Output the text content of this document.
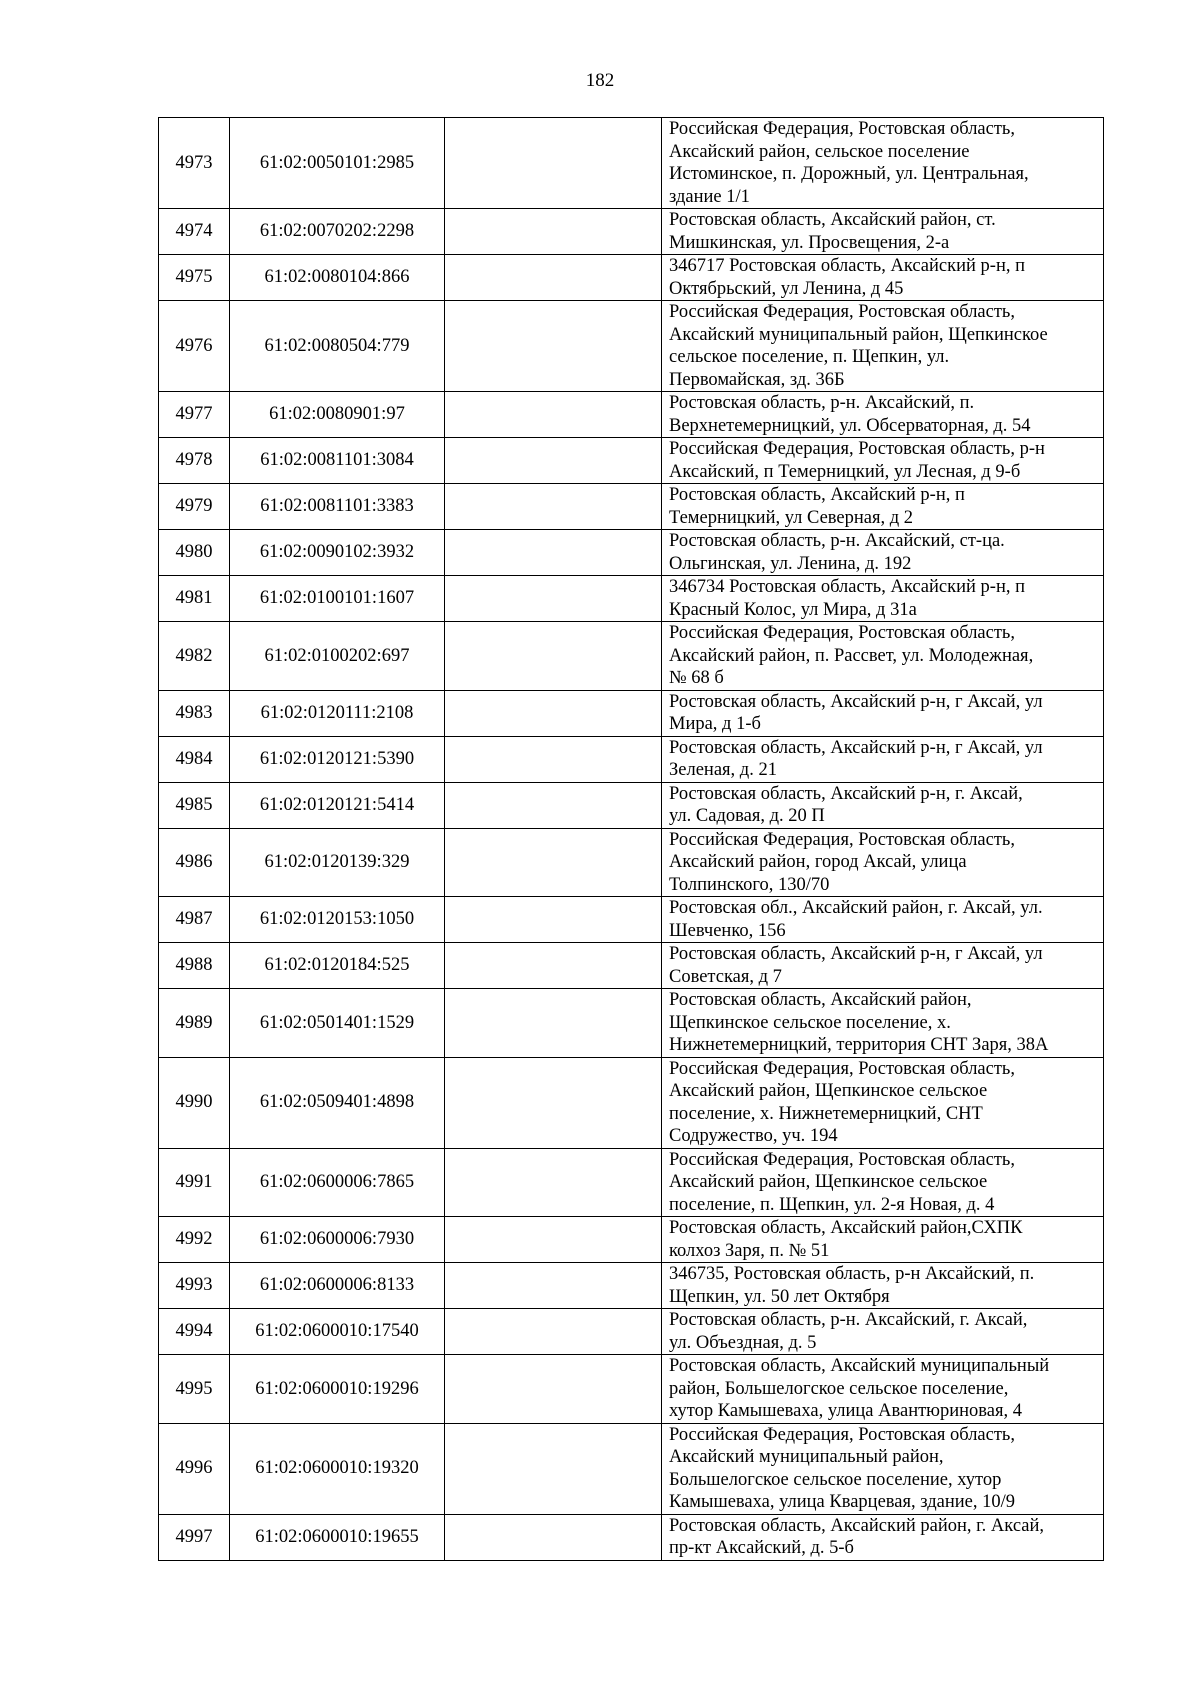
182
4973	61:02:0050101:2985		Российская Федерация, Ростовская область,
Аксайский район, сельское поселение
Истоминское, п. Дорожный, ул. Центральная,
здание 1/1

4974	61:02:0070202:2298		Ростовская область, Аксайский район, ст.
Мишкинская, ул. Просвещения, 2-а

4975	61:02:0080104:866		346717 Ростовская область, Аксайский р-н, п
Октябрьский, ул Ленина, д 45

4976	61:02:0080504:779		Российская Федерация, Ростовская область,
Аксайский муниципальный район, Щепкинское
сельское поселение, п. Щепкин, ул.
Первомайская, зд. 36Б

4977	61:02:0080901:97		Ростовская область, р-н. Аксайский, п.
Верхнетемерницкий, ул. Обсерваторная, д. 54

4978	61:02:0081101:3084		Российская Федерация, Ростовская область, р-н
Аксайский, п Темерницкий, ул Лесная, д 9-б

4979	61:02:0081101:3383		Ростовская область, Аксайский р-н, п
Темерницкий, ул Северная, д 2

4980	61:02:0090102:3932		Ростовская область, р-н. Аксайский, ст-ца.
Ольгинская, ул. Ленина, д. 192

4981	61:02:0100101:1607		346734 Ростовская область, Аксайский р-н, п
Красный Колос, ул Мира, д 31а

4982	61:02:0100202:697		Российская Федерация, Ростовская область,
Аксайский район, п. Рассвет, ул. Молодежная,
№ 68 б

4983	61:02:0120111:2108		Ростовская область, Аксайский р-н, г Аксай, ул
Мира, д 1-б

4984	61:02:0120121:5390		Ростовская область, Аксайский р-н, г Аксай, ул
Зеленая, д. 21

4985	61:02:0120121:5414		Ростовская область, Аксайский р-н, г. Аксай,
ул. Садовая, д. 20 П

4986	61:02:0120139:329		Российская Федерация, Ростовская область,
Аксайский район, город Аксай, улица
Толпинского, 130/70

4987	61:02:0120153:1050		Ростовская обл., Аксайский район, г. Аксай, ул.
Шевченко, 156

4988	61:02:0120184:525		Ростовская область, Аксайский р-н, г Аксай, ул
Советская, д 7

4989	61:02:0501401:1529		Ростовская область, Аксайский район,
Щепкинское сельское поселение, х.
Нижнетемерницкий, территория СНТ Заря, 38А

4990	61:02:0509401:4898		Российская Федерация, Ростовская область,
Аксайский район, Щепкинское сельское
поселение, х. Нижнетемерницкий, СНТ
Содружество, уч. 194

4991	61:02:0600006:7865		Российская Федерация, Ростовская область,
Аксайский район, Щепкинское сельское
поселение, п. Щепкин, ул. 2-я Новая, д. 4

4992	61:02:0600006:7930		Ростовская область, Аксайский район,СХПК
колхоз Заря, п. № 51

4993	61:02:0600006:8133		346735, Ростовская область, р-н Аксайский, п.
Щепкин, ул. 50 лет Октября

4994	61:02:0600010:17540		Ростовская область, р-н. Аксайский, г. Аксай,
ул. Объездная, д. 5

4995	61:02:0600010:19296		Ростовская область, Аксайский муниципальный
район, Большелогское сельское поселение,
хутор Камышеваха, улица Авантюриновая, 4

4996	61:02:0600010:19320		Российская Федерация, Ростовская область,
Аксайский муниципальный район,
Большелогское сельское поселение, хутор
Камышеваха, улица Кварцевая, здание, 10/9

4997	61:02:0600010:19655		Ростовская область, Аксайский район, г. Аксай,
пр-кт Аксайский, д. 5-б
